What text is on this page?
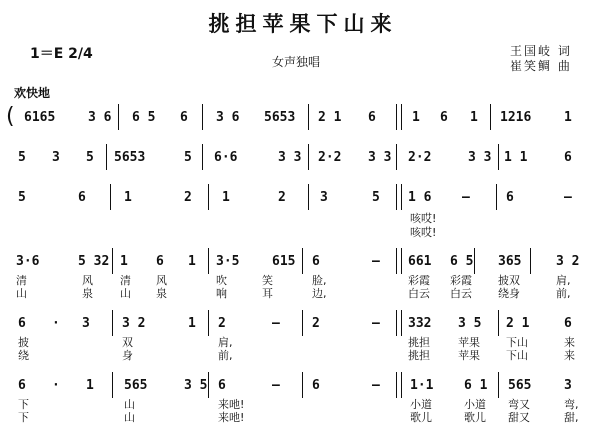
挑担苹果下山来
1＝E 2/4	女声独唱
王国岐 词
崔笑鲷 曲
欢快地
( 6165	3 6 6 5 6 3 6 5653 2 1 6	1 6 1 1216	1
5 3 5 5653	5 6·6	3 3 2·2 3 3 2·2	3 3 1 1	6
5	6	1	2 1	2	3	5 1 6 —	6	—
咳哎!
咳哎!
3·6	5 32 1 6 1 3·5	615 6	— 661 6 5 365	3 2
清	风 清 风	吹	笑	脸,	彩霞 彩霞 披双	肩,
山	泉 山 泉	响	耳	边,	白云 白云 绕身	前,
6 · 3 3 2	1 2	— 2	— 332 3 5 2 1	6
披	双	肩,	挑担	苹果 下山	来
绕	身	前,	挑担	苹果 下山	来
6 · 1 565	3 5 6	— 6	— 1·1 6 1 565	3
下	山	来吔!	小道	小道 弯又	弯,
下	山	来吔!	歌儿	歌儿 甜又	甜,
